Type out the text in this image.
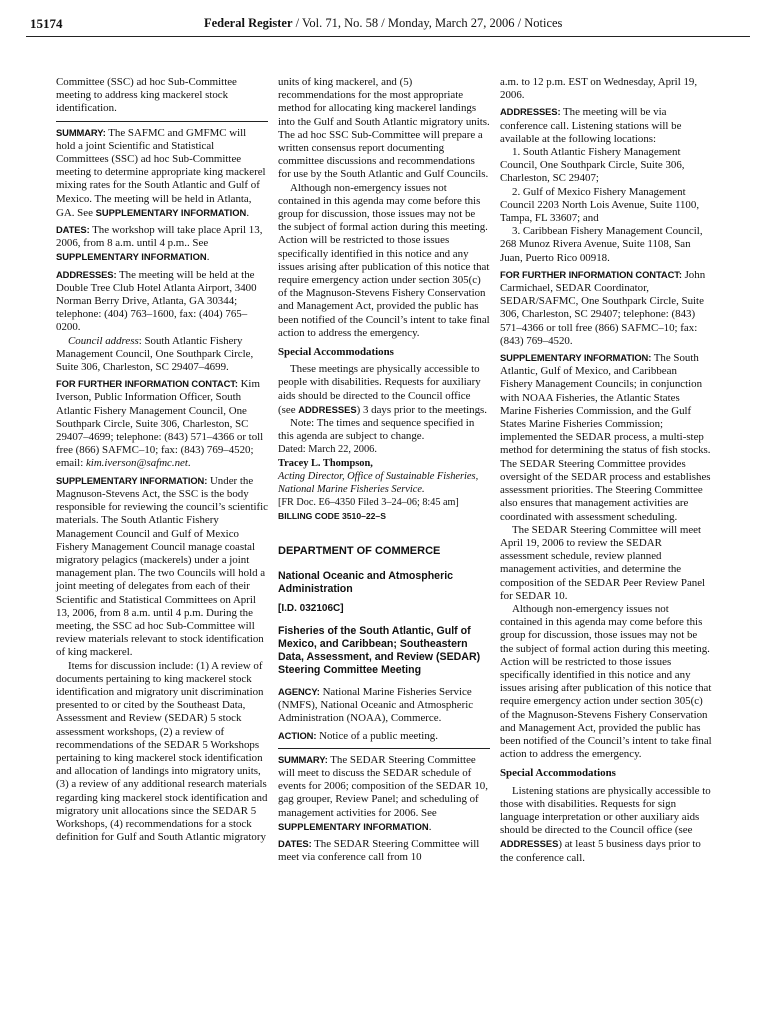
15174	Federal Register / Vol. 71, No. 58 / Monday, March 27, 2006 / Notices

Committee (SSC) ad hoc Sub-Committee meeting to address king mackerel stock identification.

SUMMARY: The SAFMC and GMFMC will hold a joint Scientific and Statistical Committees (SSC) ad hoc Sub-Committee meeting to determine appropriate king mackerel mixing rates for the South Atlantic and Gulf of Mexico. The meeting will be held in Atlanta, GA. See SUPPLEMENTARY INFORMATION.

DATES: The workshop will take place April 13, 2006, from 8 a.m. until 4 p.m.. See SUPPLEMENTARY INFORMATION.

ADDRESSES: The meeting will be held at the Double Tree Club Hotel Atlanta Airport, 3400 Norman Berry Drive, Atlanta, GA 30344; telephone: (404) 763–1600, fax: (404) 765–0200.

Council address: South Atlantic Fishery Management Council, One Southpark Circle, Suite 306, Charleston, SC 29407–4699.

FOR FURTHER INFORMATION CONTACT: Kim Iverson, Public Information Officer, South Atlantic Fishery Management Council, One Southpark Circle, Suite 306, Charleston, SC 29407–4699; telephone: (843) 571–4366 or toll free (866) SAFMC–10; fax: (843) 769–4520; email: kim.iverson@safmc.net.

SUPPLEMENTARY INFORMATION: Under the Magnuson-Stevens Act, the SSC is the body responsible for reviewing the council’s scientific materials. The South Atlantic Fishery Management Council and Gulf of Mexico Fishery Management Council manage coastal migratory pelagics (mackerels) under a joint management plan. The two Councils will hold a joint meeting of delegates from each of their Scientific and Statistical Committees on April 13, 2006, from 8 a.m. until 4 p.m. During the meeting, the SSC ad hoc Sub-Committee will review materials relevant to stock identification of king mackerel.

Items for discussion include: (1) A review of documents pertaining to king mackerel stock identification and migratory unit discrimination presented to or cited by the Southeast Data, Assessment and Review (SEDAR) 5 stock assessment workshops, (2) a review of recommendations of the SEDAR 5 Workshops pertaining to king mackerel stock identification and allocation of landings into migratory units, (3) a review of any additional research materials regarding king mackerel stock identification and migratory unit allocations since the SEDAR 5 Workshops, (4) recommendations for a stock definition for Gulf and South Atlantic migratory

units of king mackerel, and (5) recommendations for the most appropriate method for allocating king mackerel landings into the Gulf and South Atlantic migratory units. The ad hoc SSC Sub-Committee will prepare a written consensus report documenting committee discussions and recommendations for use by the South Atlantic and Gulf Councils.

Although non-emergency issues not contained in this agenda may come before this group for discussion, those issues may not be the subject of formal action during this meeting. Action will be restricted to those issues specifically identified in this notice and any issues arising after publication of this notice that require emergency action under section 305(c) of the Magnuson-Stevens Fishery Conservation and Management Act, provided the public has been notified of the Council’s intent to take final action to address the emergency.

Special Accommodations

These meetings are physically accessible to people with disabilities. Requests for auxiliary aids should be directed to the Council office (see ADDRESSES) 3 days prior to the meetings.

Note: The times and sequence specified in this agenda are subject to change.

Dated: March 22, 2006.

Tracey L. Thompson,

Acting Director, Office of Sustainable Fisheries, National Marine Fisheries Service.

[FR Doc. E6–4350 Filed 3–24–06; 8:45 am]

BILLING CODE 3510–22–S

DEPARTMENT OF COMMERCE
National Oceanic and Atmospheric Administration
[I.D. 032106C]
Fisheries of the South Atlantic, Gulf of Mexico, and Caribbean; Southeastern Data, Assessment, and Review (SEDAR) Steering Committee Meeting

AGENCY: National Marine Fisheries Service (NMFS), National Oceanic and Atmospheric Administration (NOAA), Commerce.

ACTION: Notice of a public meeting.

SUMMARY: The SEDAR Steering Committee will meet to discuss the SEDAR schedule of events for 2006; composition of the SEDAR 10, gag grouper, Review Panel; and scheduling of management activities for 2006. See SUPPLEMENTARY INFORMATION.

DATES: The SEDAR Steering Committee will meet via conference call from 10

a.m. to 12 p.m. EST on Wednesday, April 19, 2006.

ADDRESSES: The meeting will be via conference call. Listening stations will be available at the following locations:

1. South Atlantic Fishery Management Council, One Southpark Circle, Suite 306, Charleston, SC 29407;

2. Gulf of Mexico Fishery Management Council 2203 North Lois Avenue, Suite 1100, Tampa, FL 33607; and

3. Caribbean Fishery Management Council, 268 Munoz Rivera Avenue, Suite 1108, San Juan, Puerto Rico 00918.

FOR FURTHER INFORMATION CONTACT: John Carmichael, SEDAR Coordinator, SEDAR/SAFMC, One Southpark Circle, Suite 306, Charleston, SC 29407; telephone: (843) 571–4366 or toll free (866) SAFMC–10; fax: (843) 769–4520.

SUPPLEMENTARY INFORMATION: The South Atlantic, Gulf of Mexico, and Caribbean Fishery Management Councils; in conjunction with NOAA Fisheries, the Atlantic States Marine Fisheries Commission, and the Gulf States Marine Fisheries Commission; implemented the SEDAR process, a multi-step method for determining the status of fish stocks. The SEDAR Steering Committee provides oversight of the SEDAR process and establishes assessment priorities. The Steering Committee also ensures that management activities are coordinated with assessment scheduling.

The SEDAR Steering Committee will meet April 19, 2006 to review the SEDAR assessment schedule, review planned management activities, and determine the composition of the SEDAR Peer Review Panel for SEDAR 10.

Although non-emergency issues not contained in this agenda may come before this group for discussion, those issues may not be the subject of formal action during this meeting. Action will be restricted to those issues specifically identified in this notice and any issues arising after publication of this notice that require emergency action under section 305(c) of the Magnuson-Stevens Fishery Conservation and Management Act, provided the public has been notified of the Council’s intent to take final action to address the emergency.

Special Accommodations

Listening stations are physically accessible to those with disabilities. Requests for sign language interpretation or other auxiliary aids should be directed to the Council office (see ADDRESSES) at least 5 business days prior to the conference call.
